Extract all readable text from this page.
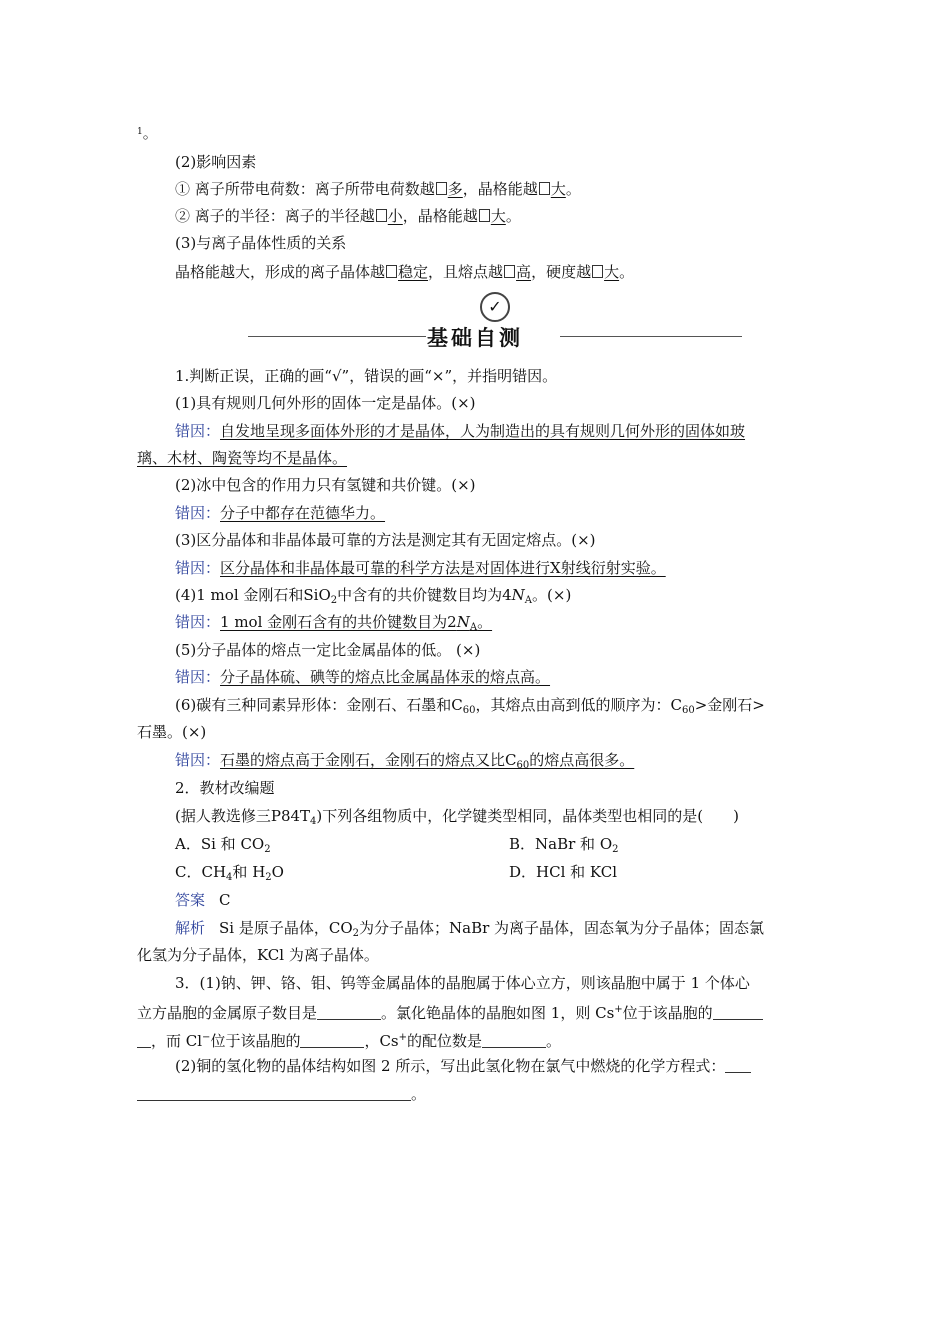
$^1$。
(2)影响因素
① 离子所带电荷数：离子所带电荷数越 多，晶格能越 大。
② 离子的半径：离子的半径越 小，晶格能越 大。
(3)与离子晶体性质的关系
晶格能越大，形成的离子晶体越 稳定，且熔点越 高，硬度越 大。
✓
基础自测
1.判断正误，正确的画“√”，错误的画“×”，并指明错因。
(1)具有规则几何外形的固体一定是晶体。(×)
错因：自发地呈现多面体外形的才是晶体，人为制造出的具有规则几何外形的固体如玻
璃、木材、陶瓷等均不是晶体。
(2)冰中包含的作用力只有氢键和共价键。(×)
错因：分子中都存在范德华力。
(3)区分晶体和非晶体最可靠的方法是测定其有无固定熔点。(×)
错因：区分晶体和非晶体最可靠的科学方法是对固体进行X射线衍射实验。
(4)1 mol 金刚石和SiO$_2$中含有的共价键数目均为$4N_A$。(×)
错因：1 mol 金刚石含有的共价键数目为$2N_A$。
(5)分子晶体的熔点一定比金属晶体的低。 (×)
错因：分子晶体硫、碘等的熔点比金属晶体汞的熔点高。
(6)碳有三种同素异形体：金刚石、石墨和$C_{60}$，其熔点由高到低的顺序为：$C_{60}>$金刚石>
石墨。(×)
错因：石墨的熔点高于金刚石，金刚石的熔点又比$C_{60}$的熔点高很多。
2．教材改编题
(据人教选修三$P84T_4$)下列各组物质中，化学键类型相同，晶体类型也相同的是(　　)
A．Si 和 $CO_2$	B．NaBr 和 $O_2$
C．$CH_4$和 $H_2O$	D．HCl 和 KCl
答案 C
解析 Si 是原子晶体，$CO_2$为分子晶体；NaBr 为离子晶体，固态氧为分子晶体；固态氯
化氢为分子晶体，KCl 为离子晶体。
3．(1)钠、钾、铬、钼、钨等金属晶体的晶胞属于体心立方，则该晶胞中属于 1 个体心
立方晶胞的金属原子数目是	。氯化铯晶体的晶胞如图 1，则 Cs+位于该晶胞的
，而 Cl−位于该晶胞的	，Cs+的配位数是	。
(2)铜的氢化物的晶体结构如图 2 所示，写出此氢化物在氯气中燃烧的化学方程式：
。
